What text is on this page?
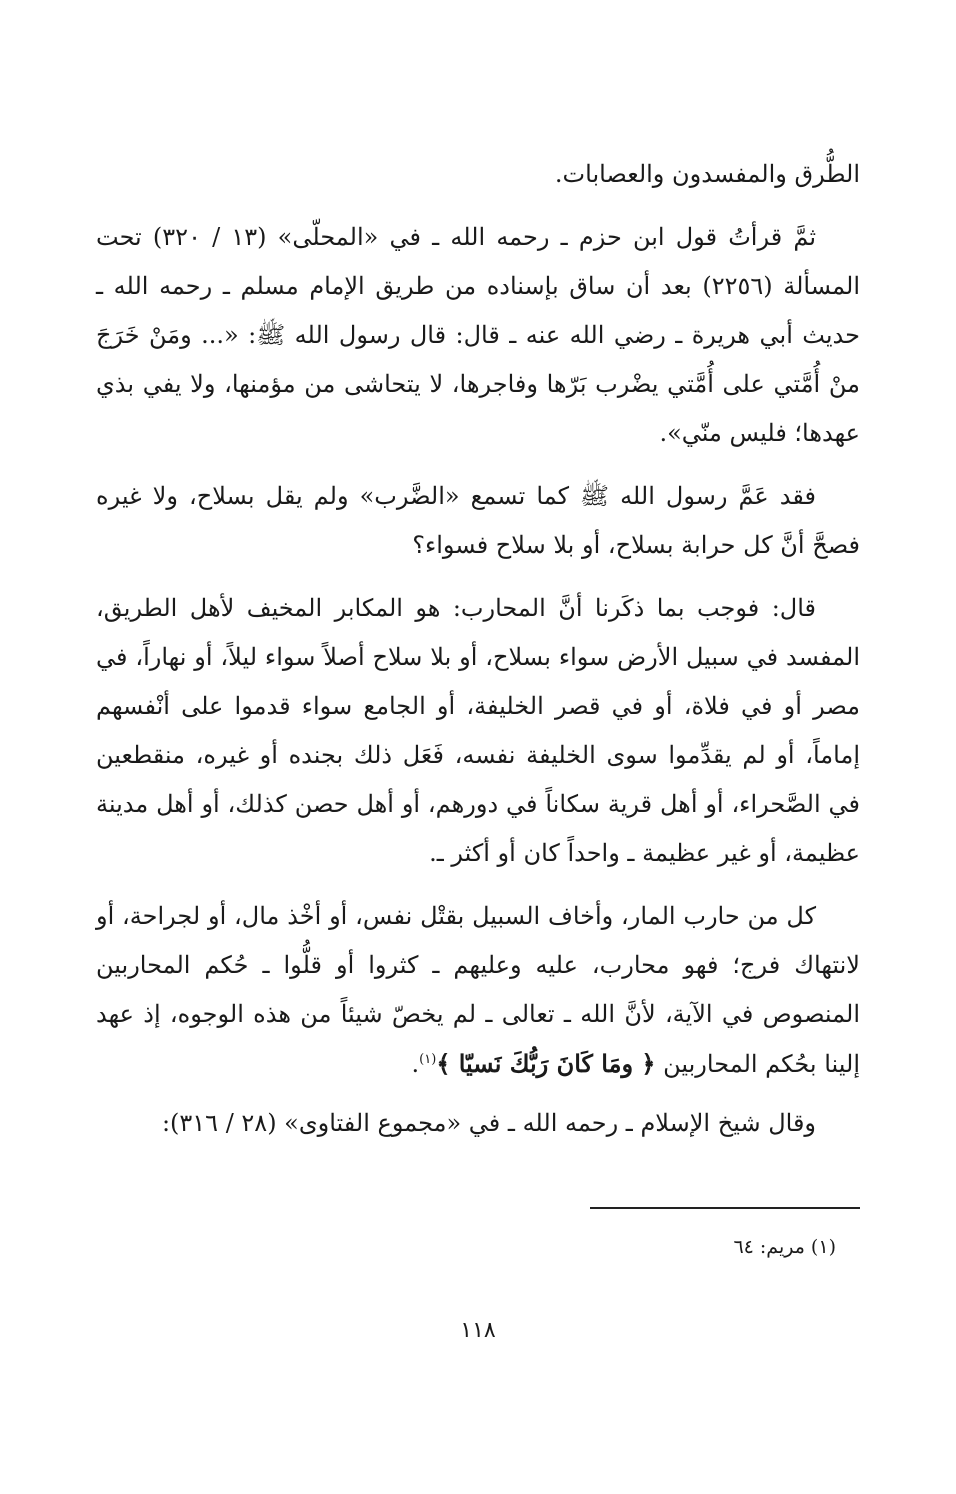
الطُّرق والمفسدون والعصابات.

ثمَّ قرأتُ قول ابن حزم ـ رحمه الله ـ في «المحلّى» (١٣ / ٣٢٠) تحت المسألة (٢٢٥٦) بعد أن ساق بإسناده من طريق الإمام مسلم ـ رحمه الله ـ حديث أبي هريرة ـ رضي الله عنه ـ قال: قال رسول الله ﷺ: «... ومَنْ خَرَجَ منْ أُمَّتي على أُمَّتي يضْرب بَرّها وفاجرها، لا يتحاشى من مؤمنها، ولا يفي بذي عهدها؛ فليس منّي».

فقد عَمَّ رسول الله ﷺ كما تسمع «الضَّرب» ولم يقل بسلاح، ولا غيره فصحَّ أنَّ كل حرابة بسلاح، أو بلا سلاح فسواء؟

قال: فوجب بما ذكَرنا أنَّ المحارب: هو المكابر المخيف لأهل الطريق، المفسد في سبيل الأرض سواء بسلاح، أو بلا سلاح أصلاً سواء ليلاً، أو نهاراً، في مصر أو في فلاة، أو في قصر الخليفة، أو الجامع سواء قدموا على أنْفسهم إماماً، أو لم يقدِّموا سوى الخليفة نفسه، فَعَل ذلك بجنده أو غيره، منقطعين في الصَّحراء، أو أهل قرية سكاناً في دورهم، أو أهل حصن كذلك، أو أهل مدينة عظيمة، أو غير عظيمة ـ واحداً كان أو أكثر ـ.

كل من حارب المار، وأخاف السبيل بقتْل نفس، أو أخْذ مال، أو لجراحة، أو لانتهاك فرج؛ فهو محارب، عليه وعليهم ـ كثروا أو قلُّوا ـ حُكم المحاربين المنصوص في الآية، لأنَّ الله ـ تعالى ـ لم يخصّ شيئاً من هذه الوجوه، إذ عهد إلينا بحُكم المحاربين ﴿ ومَا كَانَ رَبُّكَ نَسيّا ﴾$^{(١)}$.

وقال شيخ الإسلام ـ رحمه الله ـ في «مجموع الفتاوى» (٢٨ / ٣١٦):

(١) مريم: ٦٤

١١٨
